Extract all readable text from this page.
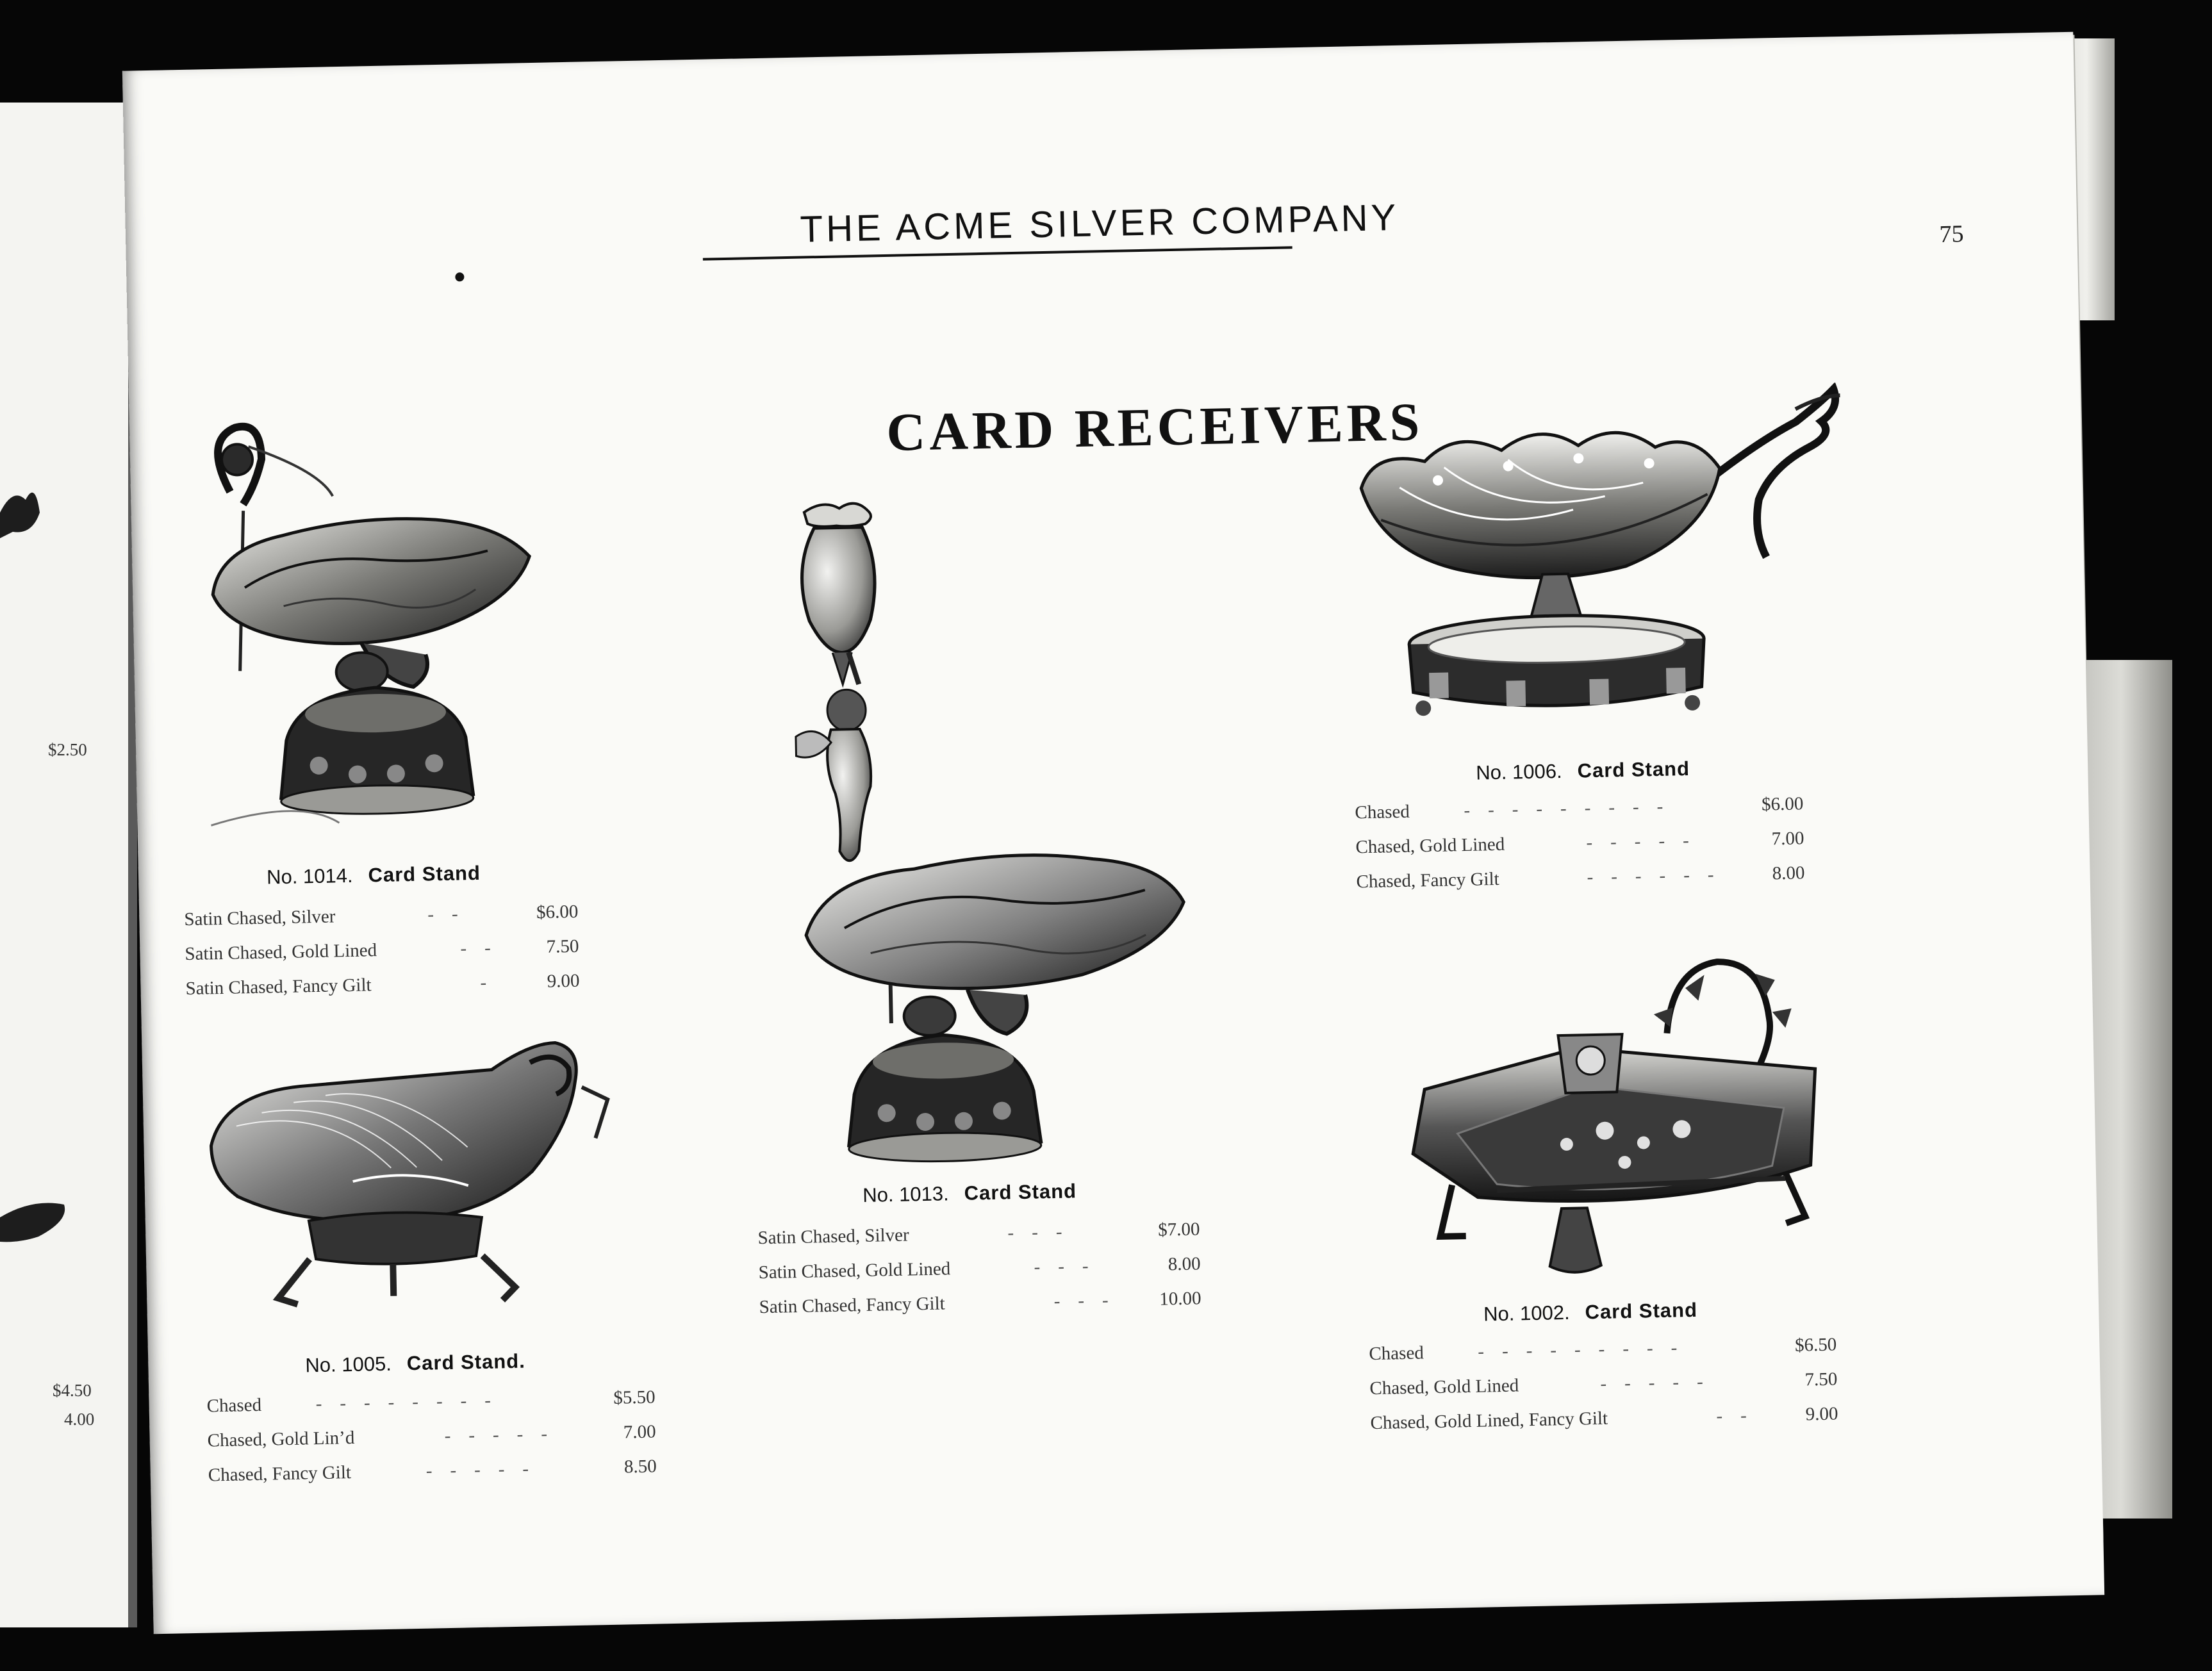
$2.50
$4.50
4.00
THE ACME SILVER COMPANY	75
CARD RECEIVERS
No. 1014. Card Stand
Satin Chased, Silver	--	$6.00
Satin Chased, Gold Lined	--	7.50
Satin Chased, Fancy Gilt	-	9.00
No. 1013. Card Stand
Satin Chased, Silver	---	$7.00
Satin Chased, Gold Lined	---	8.00
Satin Chased, Fancy Gilt	---	10.00
No. 1006. Card Stand
Chased	---------	$6.00
Chased, Gold Lined	-----	7.00
Chased, Fancy Gilt	------	8.00
No. 1005. Card Stand.
Chased	--------	$5.50
Chased, Gold Lin’d	-----	7.00
Chased, Fancy Gilt	-----	8.50
No. 1002. Card Stand
Chased	---------	$6.50
Chased, Gold Lined	-----	7.50
Chased, Gold Lined, Fancy Gilt	--	9.00
